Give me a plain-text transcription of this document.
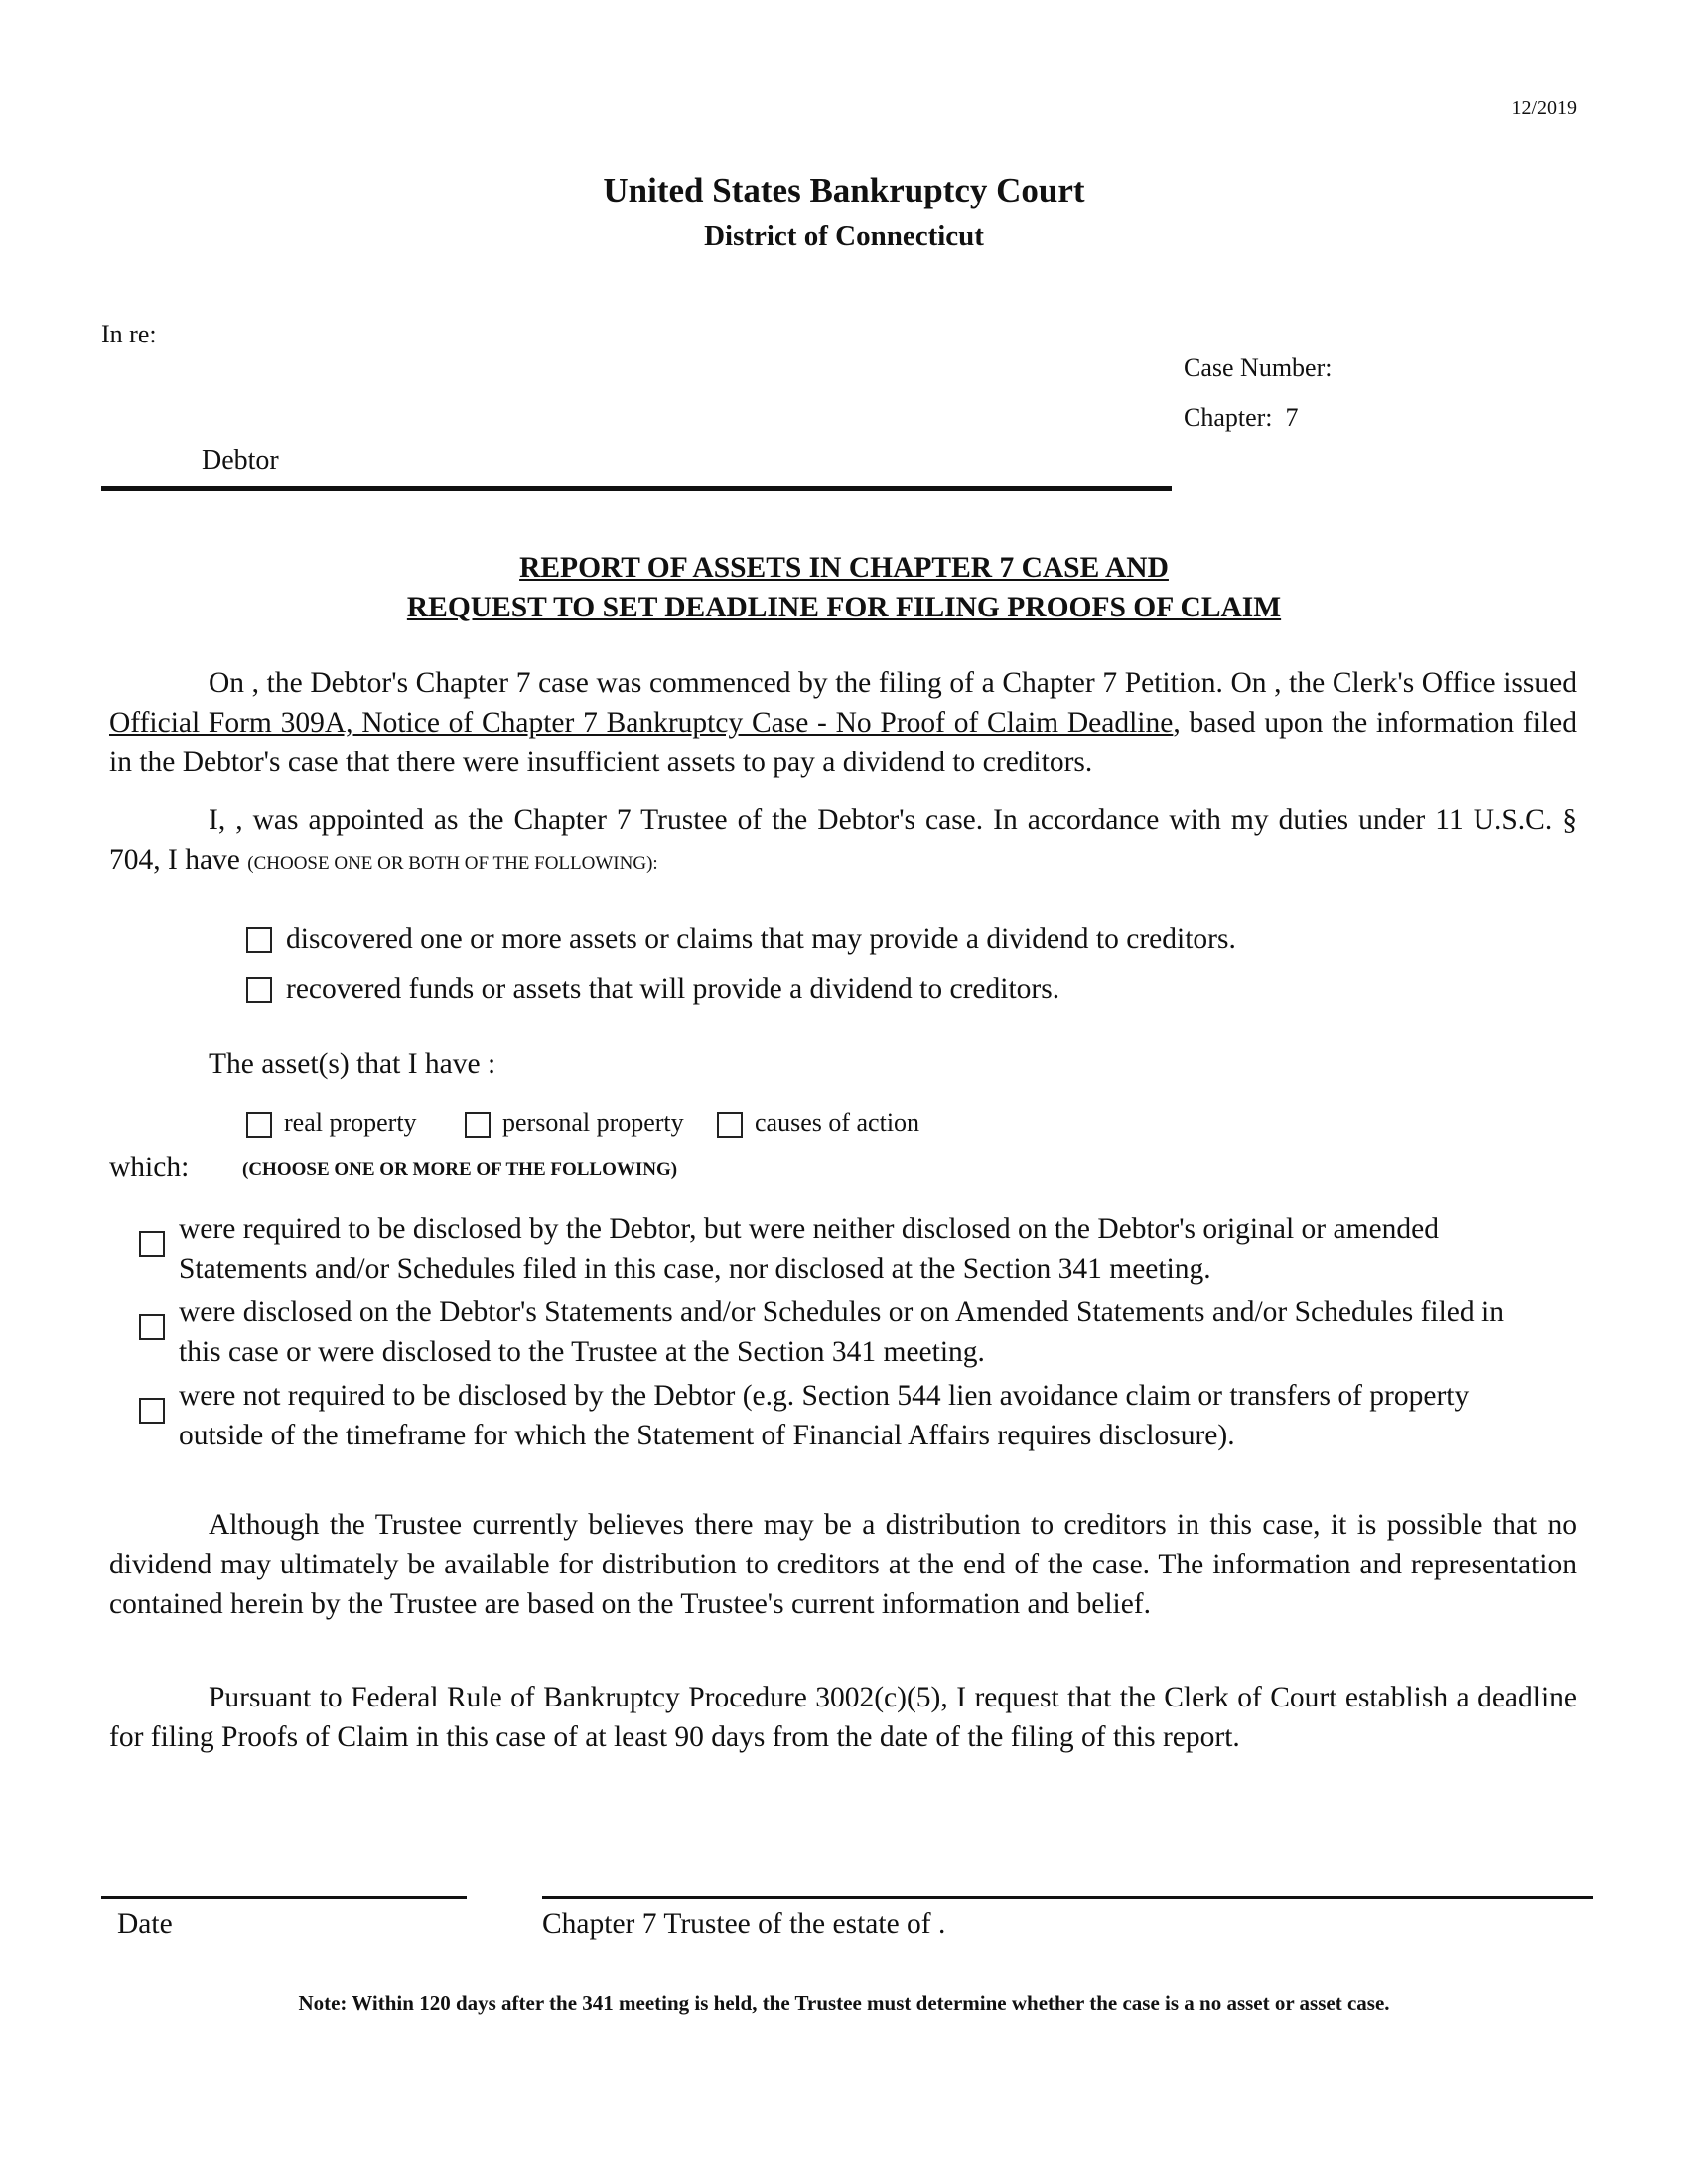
12/2019
United States Bankruptcy Court
District of Connecticut
In re:
Case Number:
Chapter: 7
Debtor
REPORT OF ASSETS IN CHAPTER 7 CASE AND
REQUEST TO SET DEADLINE FOR FILING PROOFS OF CLAIM
On , the Debtor's Chapter 7 case was commenced by the filing of a Chapter 7 Petition. On , the Clerk's Office issued Official Form 309A, Notice of Chapter 7 Bankruptcy Case - No Proof of Claim Deadline, based upon the information filed in the Debtor's case that there were insufficient assets to pay a dividend to creditors.
I, , was appointed as the Chapter 7 Trustee of the Debtor's case. In accordance with my duties under 11 U.S.C. § 704, I have (CHOOSE ONE OR BOTH OF THE FOLLOWING):
discovered one or more assets or claims that may provide a dividend to creditors.
recovered funds or assets that will provide a dividend to creditors.
The asset(s) that I have :
real property	personal property	causes of action
which:	(CHOOSE ONE OR MORE OF THE FOLLOWING)
were required to be disclosed by the Debtor, but were neither disclosed on the Debtor's original or amended Statements and/or Schedules filed in this case, nor disclosed at the Section 341 meeting.
were disclosed on the Debtor's Statements and/or Schedules or on Amended Statements and/or Schedules filed in this case or were disclosed to the Trustee at the Section 341 meeting.
were not required to be disclosed by the Debtor (e.g. Section 544 lien avoidance claim or transfers of property outside of the timeframe for which the Statement of Financial Affairs requires disclosure).
Although the Trustee currently believes there may be a distribution to creditors in this case, it is possible that no dividend may ultimately be available for distribution to creditors at the end of the case. The information and representation contained herein by the Trustee are based on the Trustee's current information and belief.
Pursuant to Federal Rule of Bankruptcy Procedure 3002(c)(5), I request that the Clerk of Court establish a deadline for filing Proofs of Claim in this case of at least 90 days from the date of the filing of this report.
Date	Chapter 7 Trustee of the estate of .
Note: Within 120 days after the 341 meeting is held, the Trustee must determine whether the case is a no asset or asset case.
